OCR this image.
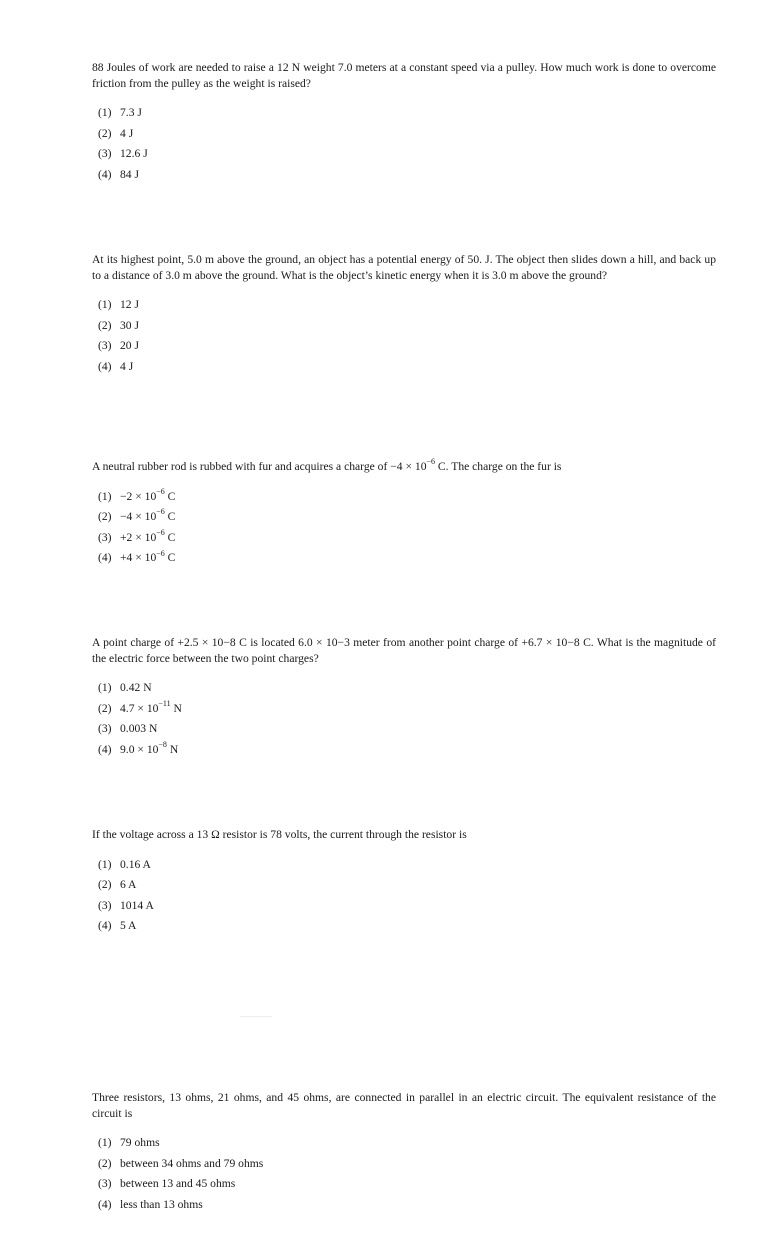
88 Joules of work are needed to raise a 12 N weight 7.0 meters at a constant speed via a pulley. How much work is done to overcome friction from the pulley as the weight is raised?

(1) 7.3 J
(2) 4 J
(3) 12.6 J
(4) 84 J

At its highest point, 5.0 m above the ground, an object has a potential energy of 50. J. The object then slides down a hill, and back up to a distance of 3.0 m above the ground. What is the object’s kinetic energy when it is 3.0 m above the ground?

(1) 12 J
(2) 30 J
(3) 20 J
(4) 4 J

A neutral rubber rod is rubbed with fur and acquires a charge of $-4 \times 10^{-6}$ C. The charge on the fur is

$(1) -2 \times 10^{-6}$ C
$(2) -4 \times 10^{-6}$ C
$(3) +2 \times 10^{-6}$ C
$(4) +4 \times 10^{-6}$ C

A point charge of +2.5 × 10−8 C is located 6.0 × 10−3 meter from another point charge of +6.7 × 10−8 C. What is the magnitude of the electric force between the two point charges?

(1) 0.42 N
(2) $4.7 \times 10^{-11}$ N
(3) 0.003 N
(4) $9.0 \times 10^{-8}$ N

If the voltage across a 13 Ω resistor is 78 volts, the current through the resistor is

(1) 0.16 A
(2) 6 A
(3) 1014 A
(4) 5 A

Three resistors, 13 ohms, 21 ohms, and 45 ohms, are connected in parallel in an electric circuit. The equivalent resistance of the circuit is

(1) 79 ohms
(2) between 34 ohms and 79 ohms
(3) between 13 and 45 ohms
(4) less than 13 ohms
